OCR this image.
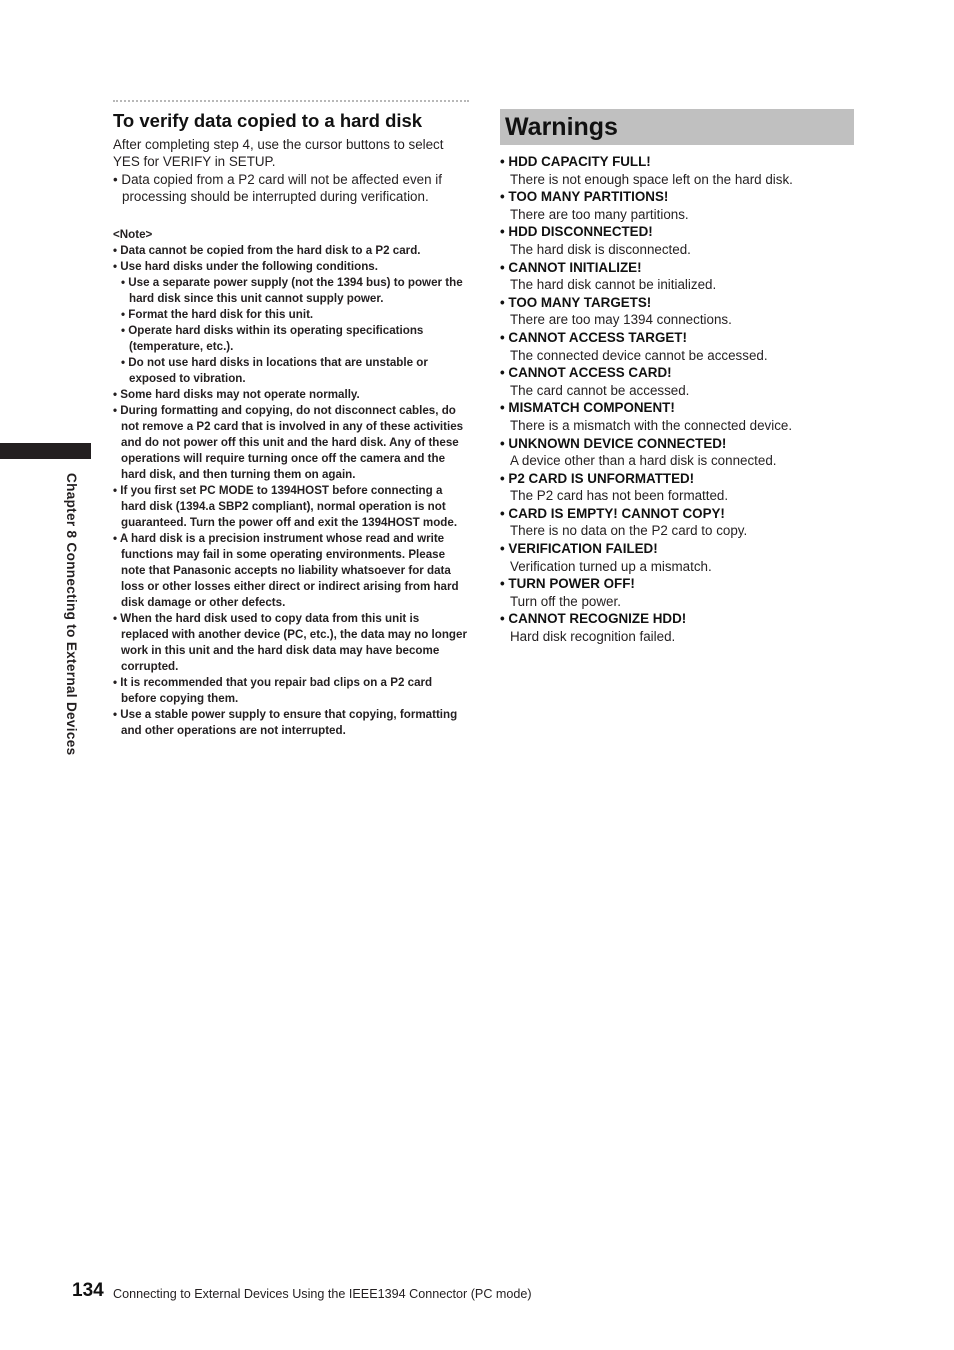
Chapter 8 Connecting to External Devices
To verify data copied to a hard disk

After completing step 4, use the cursor buttons to select YES for VERIFY in SETUP.

• Data copied from a P2 card will not be affected even if processing should be interrupted during verification.

<Note>

• Data cannot be copied from the hard disk to a P2 card.
• Use hard disks under the following conditions.
• Use a separate power supply (not the 1394 bus) to power the hard disk since this unit cannot supply power.
• Format the hard disk for this unit.
• Operate hard disks within its operating specifications (temperature, etc.).
• Do not use hard disks in locations that are unstable or exposed to vibration.
• Some hard disks may not operate normally.
• During formatting and copying, do not disconnect cables, do not remove a P2 card that is involved in any of these activities and do not power off this unit and the hard disk. Any of these operations will require turning once off the camera and the hard disk, and then turning them on again.
• If you first set PC MODE to 1394HOST before connecting a hard disk (1394.a SBP2 compliant), normal operation is not guaranteed. Turn the power off and exit the 1394HOST mode.
• A hard disk is a precision instrument whose read and write functions may fail in some operating environments. Please note that Panasonic accepts no liability whatsoever for data loss or other losses either direct or indirect arising from hard disk damage or other defects.
• When the hard disk used to copy data from this unit is replaced with another device (PC, etc.), the data may no longer work in this unit and the hard disk data may have become corrupted.
• It is recommended that you repair bad clips on a P2 card before copying them.
• Use a stable power supply to ensure that copying, formatting and other operations are not interrupted.
Warnings
• HDD CAPACITY FULL!
There is not enough space left on the hard disk.
• TOO MANY PARTITIONS!
There are too many partitions.
• HDD DISCONNECTED!
The hard disk is disconnected.
• CANNOT INITIALIZE!
The hard disk cannot be initialized.
• TOO MANY TARGETS!
There are too may 1394 connections.
• CANNOT ACCESS TARGET!
The connected device cannot be accessed.
• CANNOT ACCESS CARD!
The card cannot be accessed.
• MISMATCH COMPONENT!
There is a mismatch with the connected device.
• UNKNOWN DEVICE CONNECTED!
A device other than a hard disk is connected.
• P2 CARD IS UNFORMATTED!
The P2 card has not been formatted.
• CARD IS EMPTY! CANNOT COPY!
There is no data on the P2 card to copy.
• VERIFICATION FAILED!
Verification turned up a mismatch.
• TURN POWER OFF!
Turn off the power.
• CANNOT RECOGNIZE HDD!
Hard disk recognition failed.
134 Connecting to External Devices Using the IEEE1394 Connector (PC mode)
